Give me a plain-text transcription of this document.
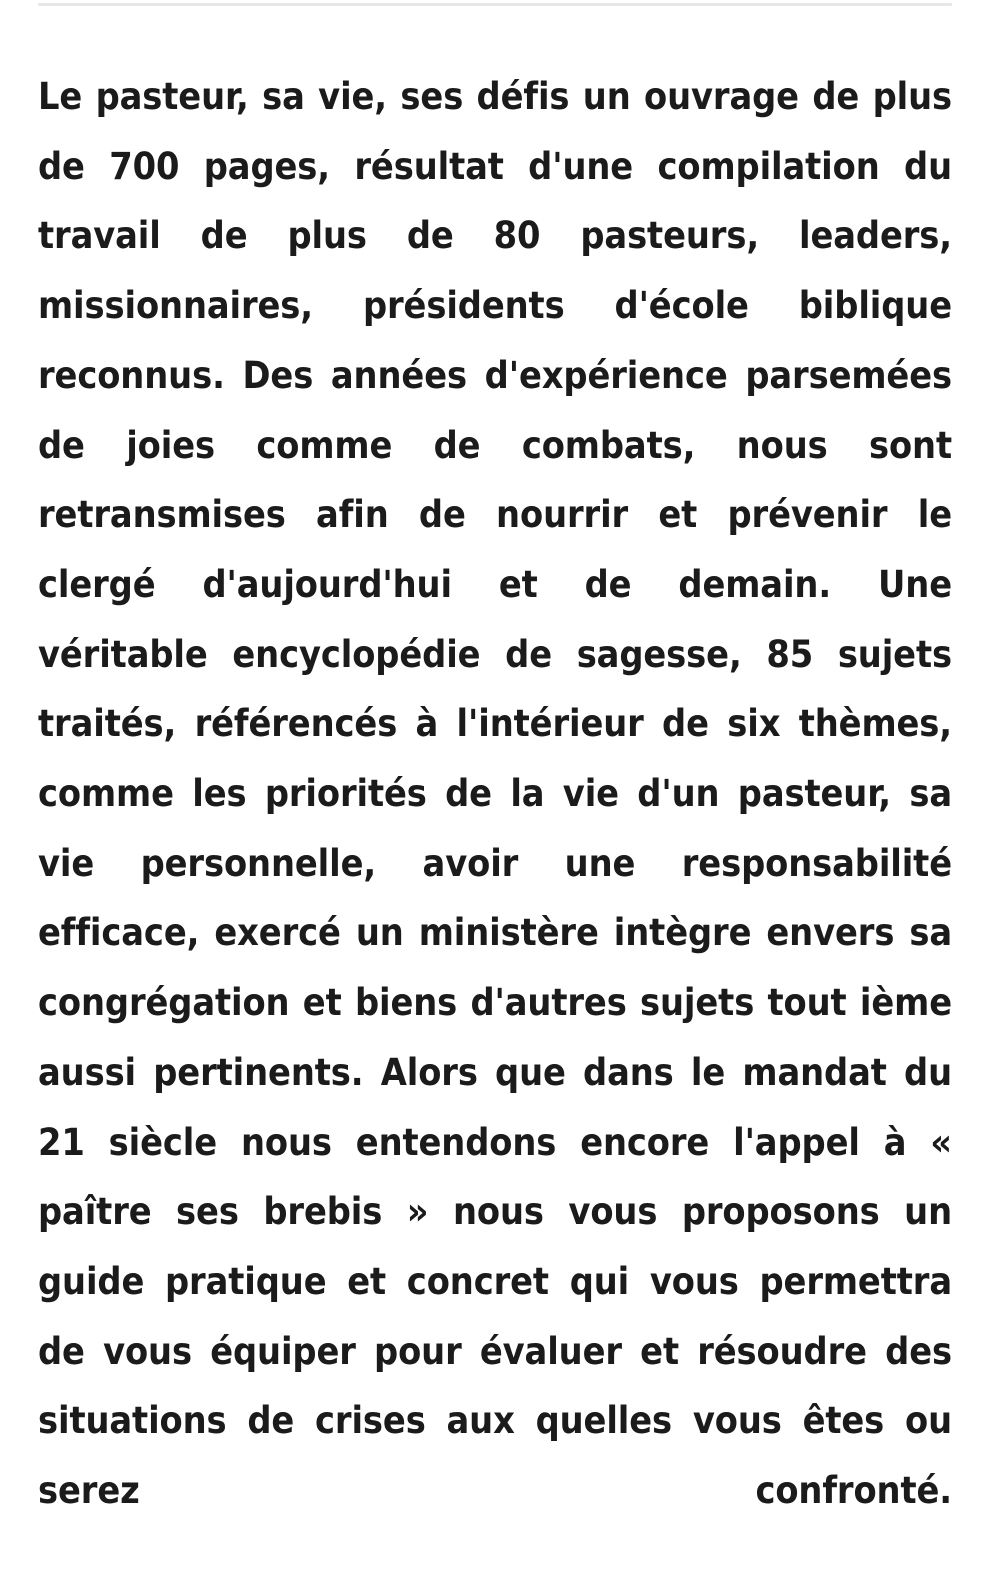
Le pasteur, sa vie, ses défis un ouvrage de plus de 700 pages, résultat d'une compilation du travail de plus de 80 pasteurs, leaders, missionnaires, présidents d'école biblique reconnus. Des années d'expérience parsemées de joies comme de combats, nous sont retransmises afin de nourrir et prévenir le clergé d'aujourd'hui et de demain. Une véritable encyclopédie de sagesse, 85 sujets traités, référencés à l'intérieur de six thèmes, comme les priorités de la vie d'un pasteur, sa vie personnelle, avoir une responsabilité efficace, exercé un ministère intègre envers sa congrégation et biens d'autres sujets tout ième aussi pertinents. Alors que dans le mandat du 21 siècle nous entendons encore l'appel à « paître ses brebis » nous vous proposons un guide pratique et concret qui vous permettra de vous équiper pour évaluer et résoudre des situations de crises aux quelles vous êtes ou serez confronté.
